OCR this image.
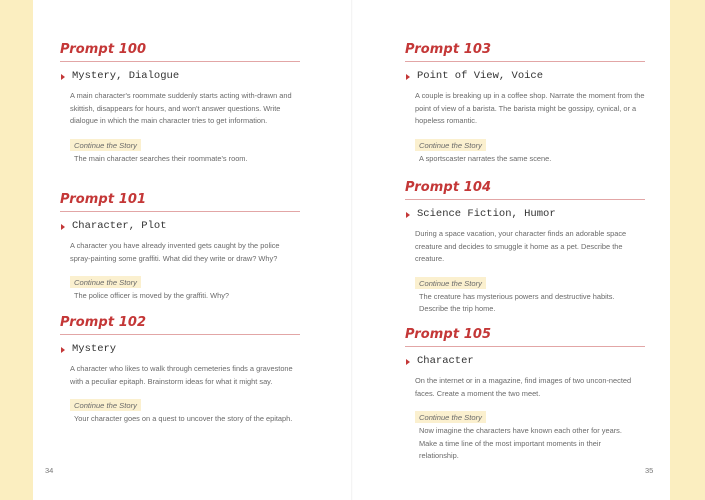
Prompt 100
Mystery, Dialogue
A main character's roommate suddenly starts acting with-drawn and skittish, disappears for hours, and won't answer questions. Write dialogue in which the main character tries to get information.
Continue the Story
The main character searches their roommate's room.
Prompt 101
Character, Plot
A character you have already invented gets caught by the police spray-painting some graffiti. What did they write or draw? Why?
Continue the Story
The police officer is moved by the graffiti. Why?
Prompt 102
Mystery
A character who likes to walk through cemeteries finds a gravestone with a peculiar epitaph. Brainstorm ideas for what it might say.
Continue the Story
Your character goes on a quest to uncover the story of the epitaph.
34
Prompt 103
Point of View, Voice
A couple is breaking up in a coffee shop. Narrate the moment from the point of view of a barista. The barista might be gossipy, cynical, or a hopeless romantic.
Continue the Story
A sportscaster narrates the same scene.
Prompt 104
Science Fiction, Humor
During a space vacation, your character finds an adorable space creature and decides to smuggle it home as a pet. Describe the creature.
Continue the Story
The creature has mysterious powers and destructive habits. Describe the trip home.
Prompt 105
Character
On the internet or in a magazine, find images of two uncon-nected faces. Create a moment the two meet.
Continue the Story
Now imagine the characters have known each other for years. Make a time line of the most important moments in their relationship.
35
